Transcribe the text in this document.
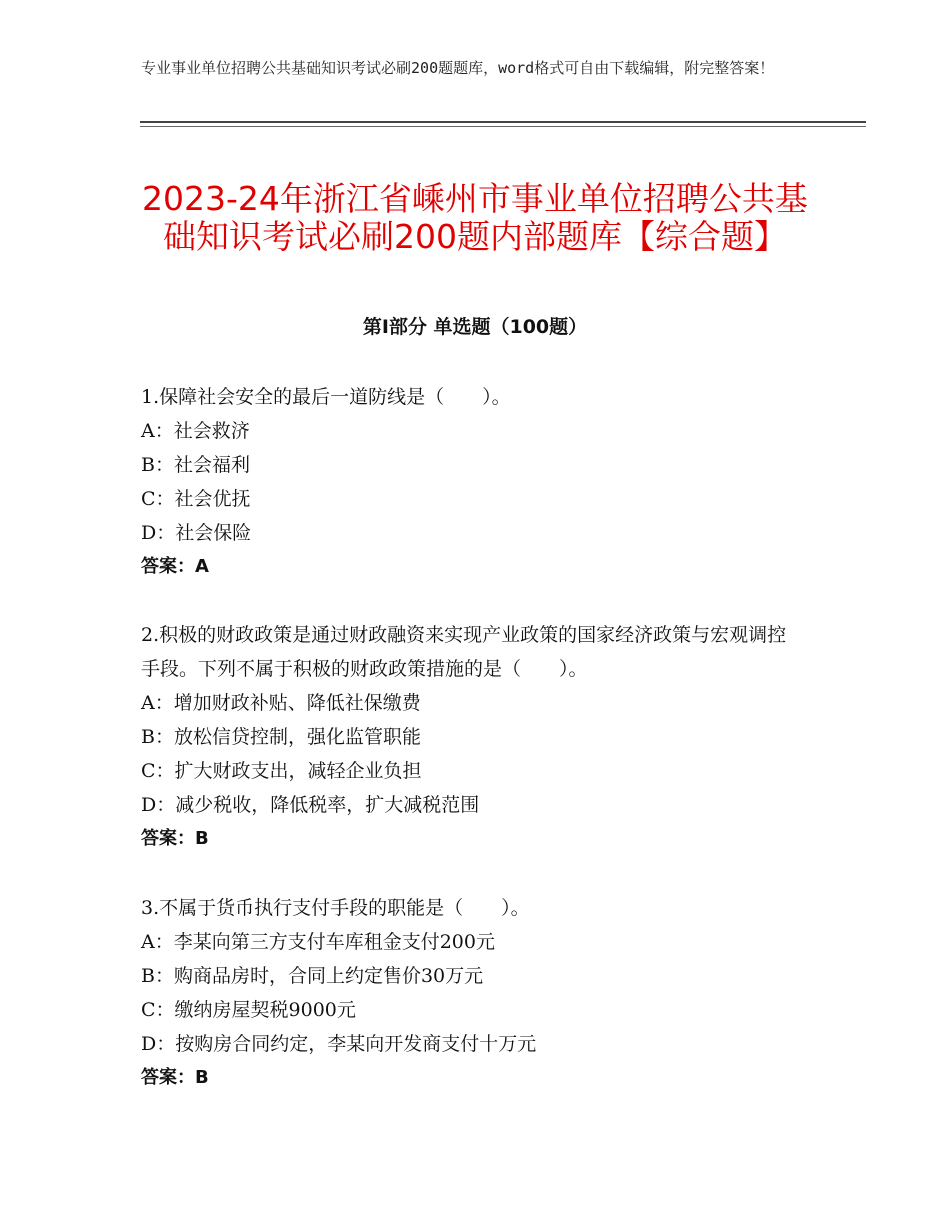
专业事业单位招聘公共基础知识考试必刷200题题库，word格式可自由下载编辑，附完整答案！
2023-24年浙江省嵊州市事业单位招聘公共基础知识考试必刷200题内部题库【综合题】
第Ⅰ部分 单选题（100题）

1.保障社会安全的最后一道防线是（　　）。

A：社会救济

B：社会福利

C：社会优抚

D：社会保险

答案：A

2.积极的财政政策是通过财政融资来实现产业政策的国家经济政策与宏观调控手段。下列不属于积极的财政政策措施的是（　　）。

A：增加财政补贴、降低社保缴费

B：放松信贷控制，强化监管职能

C：扩大财政支出，减轻企业负担

D：减少税收，降低税率，扩大减税范围

答案：B

3.不属于货币执行支付手段的职能是（　　）。

A：李某向第三方支付车库租金支付200元

B：购商品房时，合同上约定售价30万元

C：缴纳房屋契税9000元

D：按购房合同约定，李某向开发商支付十万元

答案：B
